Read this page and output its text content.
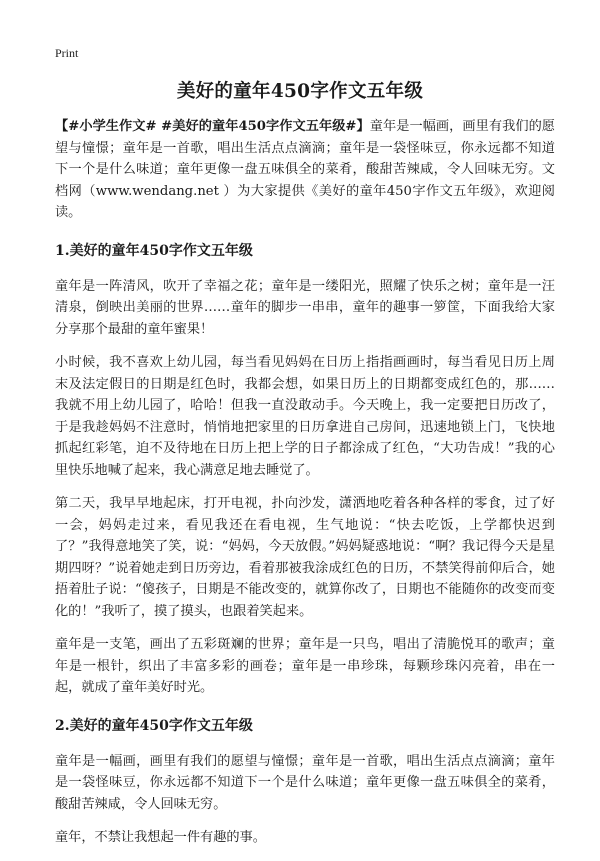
Print
美好的童年450字作文五年级

【#小学生作文# #美好的童年450字作文五年级#】童年是一幅画，画里有我们的愿望与憧憬；童年是一首歌，唱出生活点点滴滴；童年是一袋怪味豆，你永远都不知道下一个是什么味道；童年更像一盘五味俱全的菜肴，酸甜苦辣咸，令人回味无穷。文档网（www.wendang.net ）为大家提供《美好的童年450字作文五年级》，欢迎阅读。

1.美好的童年450字作文五年级

童年是一阵清风，吹开了幸福之花；童年是一缕阳光，照耀了快乐之树；童年是一汪清泉，倒映出美丽的世界……童年的脚步一串串，童年的趣事一箩筐，下面我给大家分享那个最甜的童年蜜果！

小时候，我不喜欢上幼儿园，每当看见妈妈在日历上指指画画时，每当看见日历上周末及法定假日的日期是红色时，我都会想，如果日历上的日期都变成红色的，那……我就不用上幼儿园了，哈哈！但我一直没敢动手。今天晚上，我一定要把日历改了，于是我趁妈妈不注意时，悄悄地把家里的日历拿进自己房间，迅速地锁上门，飞快地抓起红彩笔，迫不及待地在日历上把上学的日子都涂成了红色，“大功告成！”我的心里快乐地喊了起来，我心满意足地去睡觉了。

第二天，我早早地起床，打开电视，扑向沙发，潇洒地吃着各种各样的零食，过了好一会，妈妈走过来，看见我还在看电视，生气地说：“快去吃饭，上学都快迟到了？”我得意地笑了笑，说：“妈妈，今天放假。”妈妈疑惑地说：“啊？我记得今天是星期四呀？”说着她走到日历旁边，看着那被我涂成红色的日历，不禁笑得前仰后合，她捂着肚子说：“傻孩子，日期是不能改变的，就算你改了，日期也不能随你的改变而变化的！”我听了，摸了摸头，也跟着笑起来。

童年是一支笔，画出了五彩斑斓的世界；童年是一只鸟，唱出了清脆悦耳的歌声；童年是一根针，织出了丰富多彩的画卷；童年是一串珍珠，每颗珍珠闪亮着，串在一起，就成了童年美好时光。

2.美好的童年450字作文五年级

童年是一幅画，画里有我们的愿望与憧憬；童年是一首歌，唱出生活点点滴滴；童年是一袋怪味豆，你永远都不知道下一个是什么味道；童年更像一盘五味俱全的菜肴，酸甜苦辣咸，令人回味无穷。

童年，不禁让我想起一件有趣的事。
